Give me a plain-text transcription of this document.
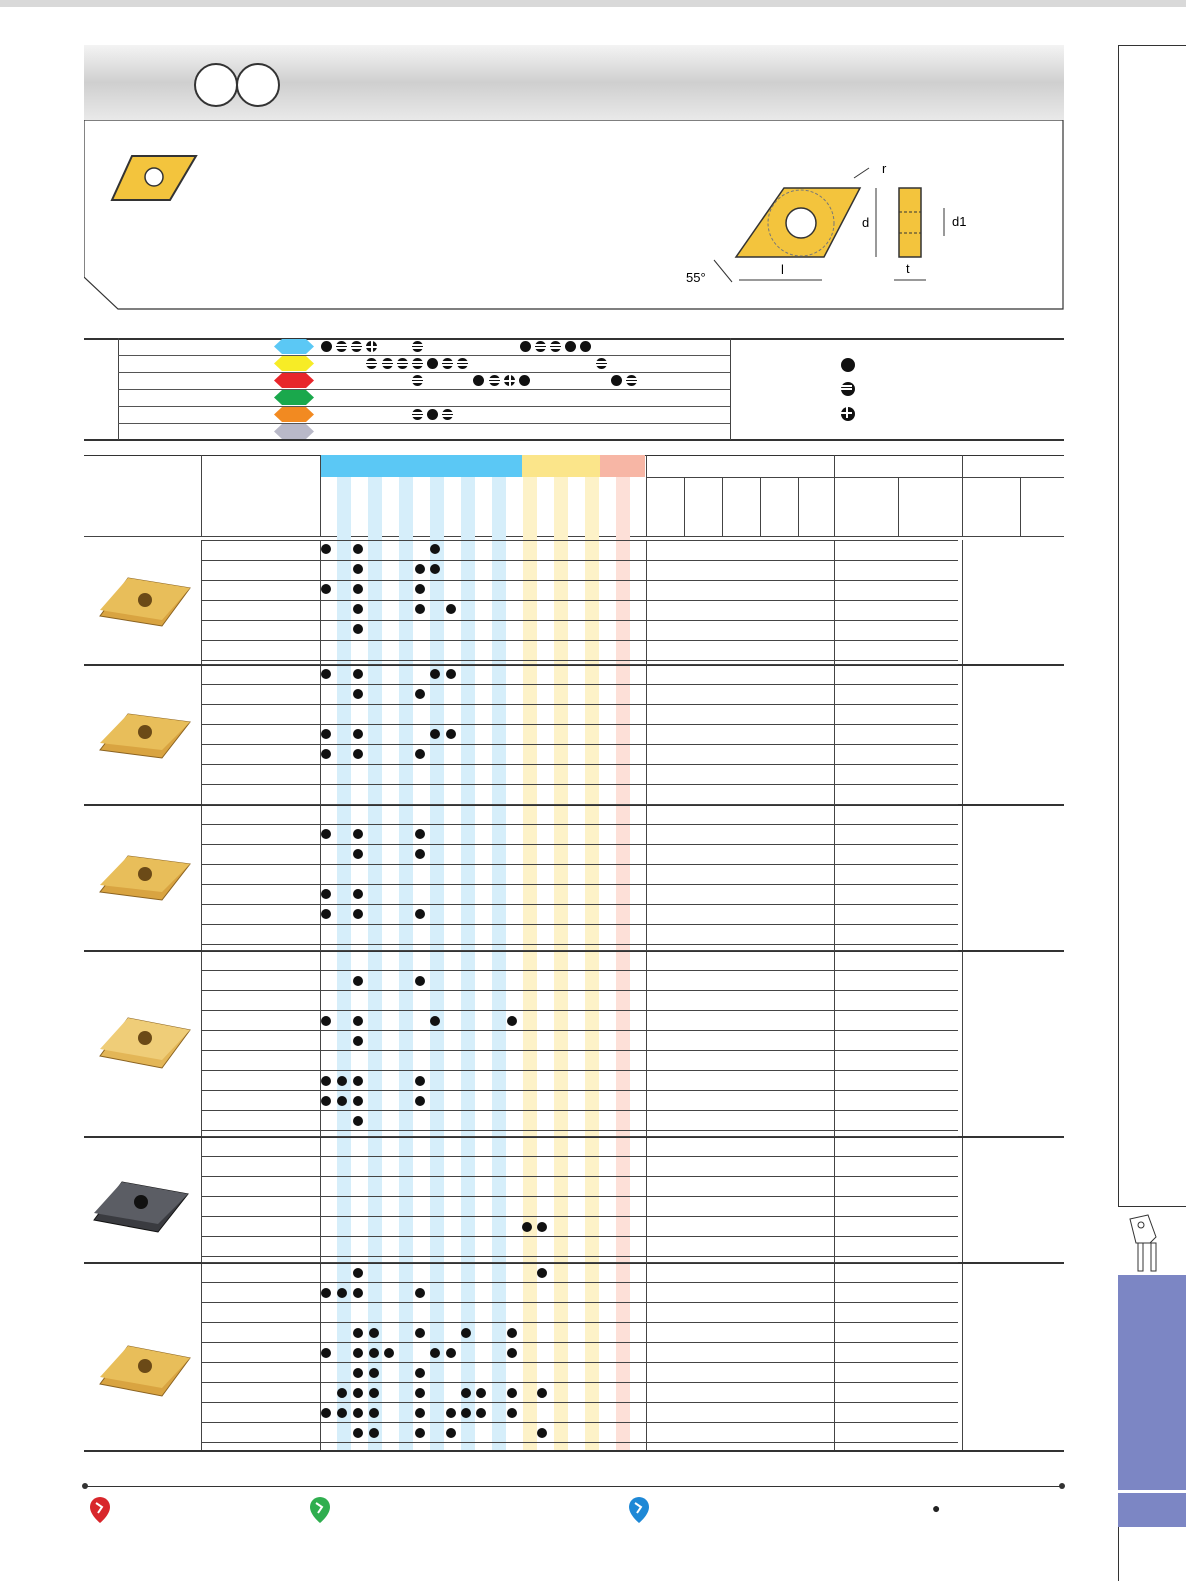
r
d
l
55°
d1
t
●
